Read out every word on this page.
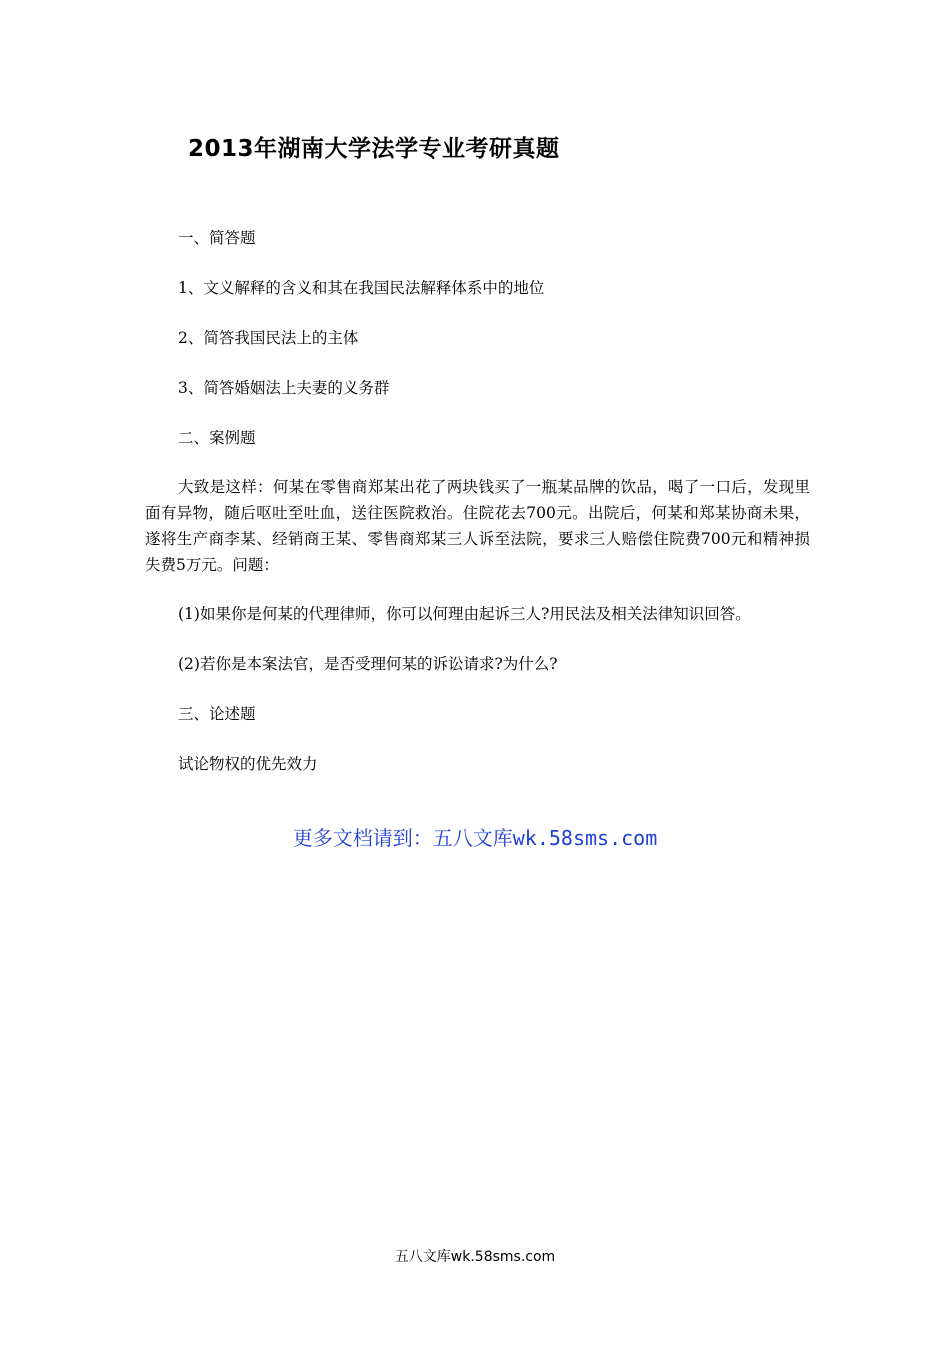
2013年湖南大学法学专业考研真题
一、简答题
1、文义解释的含义和其在我国民法解释体系中的地位
2、简答我国民法上的主体
3、简答婚姻法上夫妻的义务群
二、案例题
大致是这样：何某在零售商郑某出花了两块钱买了一瓶某品牌的饮品，喝了一口后，发现里面有异物，随后呕吐至吐血，送往医院救治。住院花去700元。出院后，何某和郑某协商未果，遂将生产商李某、经销商王某、零售商郑某三人诉至法院，要求三人赔偿住院费700元和精神损失费5万元。问题：
(1)如果你是何某的代理律师，你可以何理由起诉三人?用民法及相关法律知识回答。
(2)若你是本案法官，是否受理何某的诉讼请求?为什么?
三、论述题
试论物权的优先效力
更多文档请到：五八文库wk.58sms.com
五八文库wk.58sms.com
